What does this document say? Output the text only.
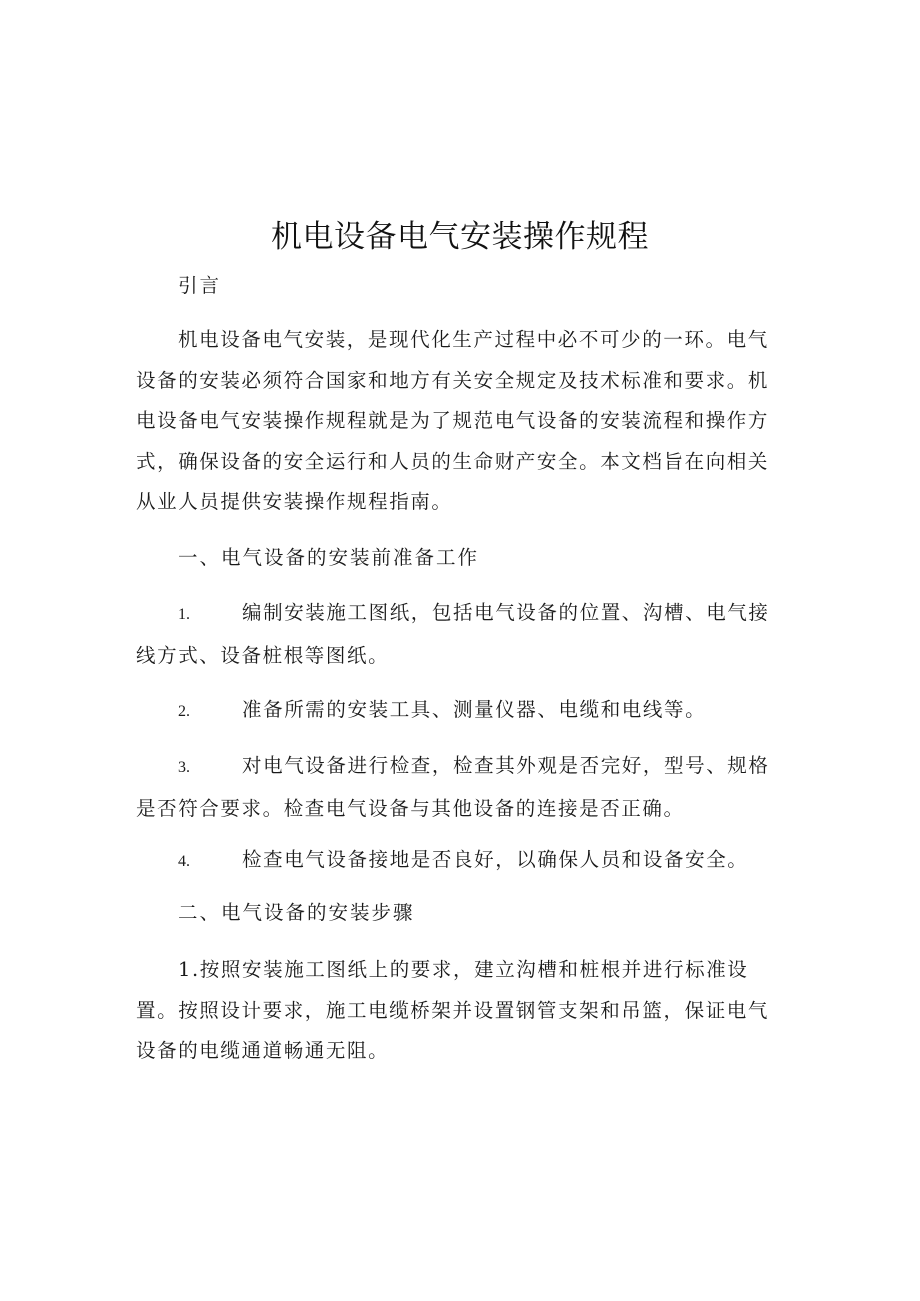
机电设备电气安装操作规程

引言

机电设备电气安装，是现代化生产过程中必不可少的一环。电气设备的安装必须符合国家和地方有关安全规定及技术标准和要求。机电设备电气安装操作规程就是为了规范电气设备的安装流程和操作方式，确保设备的安全运行和人员的生命财产安全。本文档旨在向相关从业人员提供安装操作规程指南。

一、电气设备的安装前准备工作

1.	编制安装施工图纸，包括电气设备的位置、沟槽、电气接
线方式、设备桩根等图纸。
2.	准备所需的安装工具、测量仪器、电缆和电线等。
3.	对电气设备进行检查，检查其外观是否完好，型号、规格
是否符合要求。检查电气设备与其他设备的连接是否正确。
4.	检查电气设备接地是否良好，以确保人员和设备安全。

二、电气设备的安装步骤

1.按照安装施工图纸上的要求，建立沟槽和桩根并进行标准设置。按照设计要求，施工电缆桥架并设置钢管支架和吊篮，保证电气设备的电缆通道畅通无阻。
